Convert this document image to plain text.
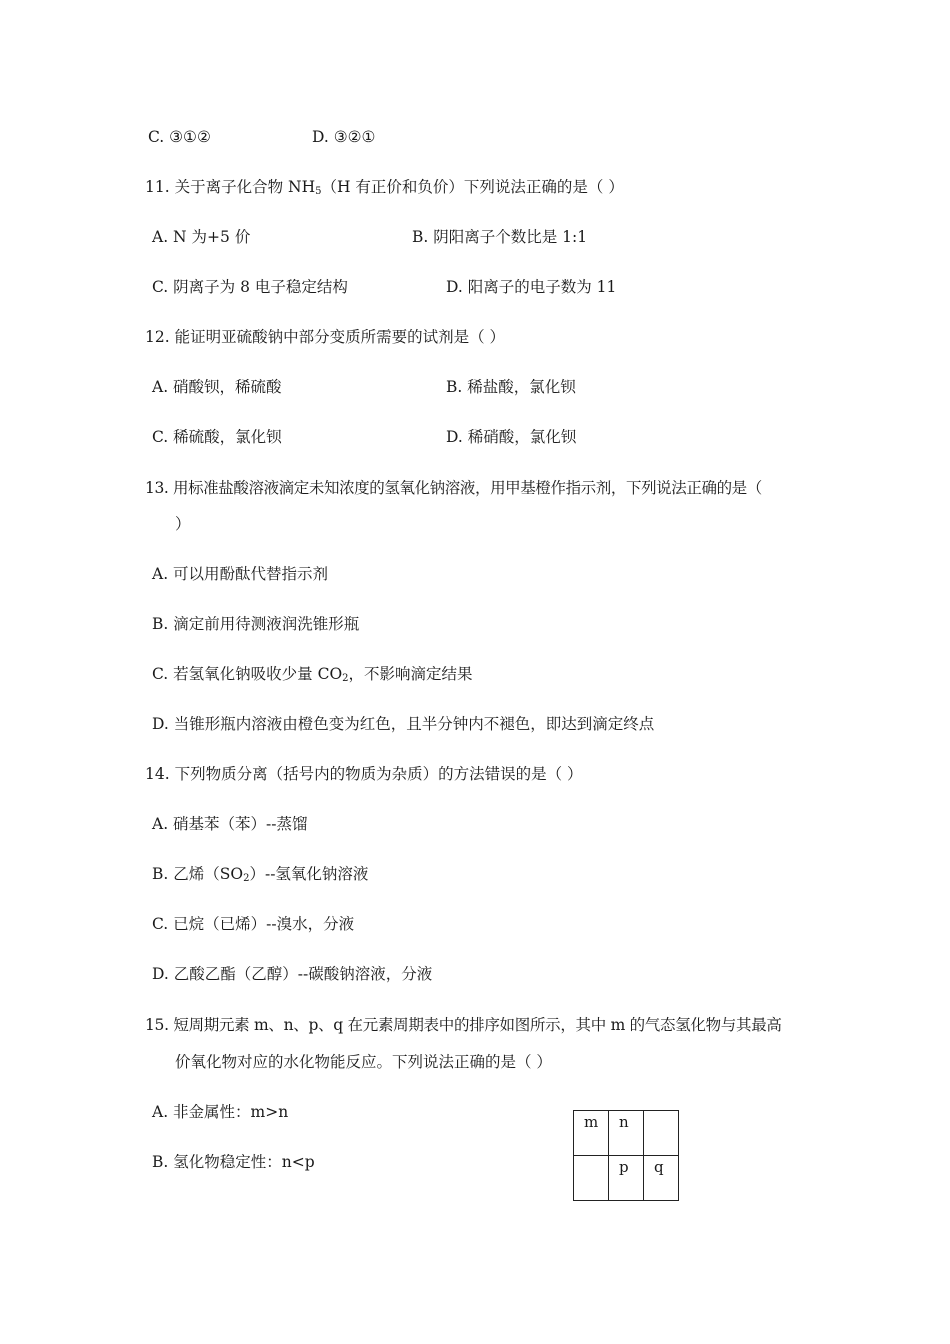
C. ③①②	D. ③②①
11. 关于离子化合物 $NH_5(H$ 有正价和负价）下列说法正确的是（ ）
A. N 为+5 价	B. 阴阳离子个数比是 1:1
C. 阴离子为 8 电子稳定结构	D. 阳离子的电子数为 11
12. 能证明亚硫酸钠中部分变质所需要的试剂是（ ）
A. 硝酸钡，稀硫酸	B. 稀盐酸，氯化钡
C. 稀硫酸，氯化钡	D. 稀硝酸，氯化钡
13. 用标准盐酸溶液滴定未知浓度的氢氧化钠溶液，用甲基橙作指示剂，下列说法正确的是（
）
A. 可以用酚酞代替指示剂
B. 滴定前用待测液润洗锥形瓶
C. 若氢氧化钠吸收少量 $CO_2$，不影响滴定结果
D. 当锥形瓶内溶液由橙色变为红色，且半分钟内不褪色，即达到滴定终点
14. 下列物质分离（括号内的物质为杂质）的方法错误的是（ ）
A. 硝基苯（苯）--蒸馏
B. 乙烯$(SO_2)--$氢氧化钠溶液
C. 已烷（已烯）--溴水，分液
D. 乙酸乙酯（乙醇）--碳酸钠溶液，分液
15. 短周期元素 m、n、p、q 在元素周期表中的排序如图所示，其中 m 的气态氢化物与其最高
价氧化物对应的水化物能反应。下列说法正确的是（ ）
A. 非金属性：m>n
B. 氢化物稳定性：n<p
m	n	

	p	q
